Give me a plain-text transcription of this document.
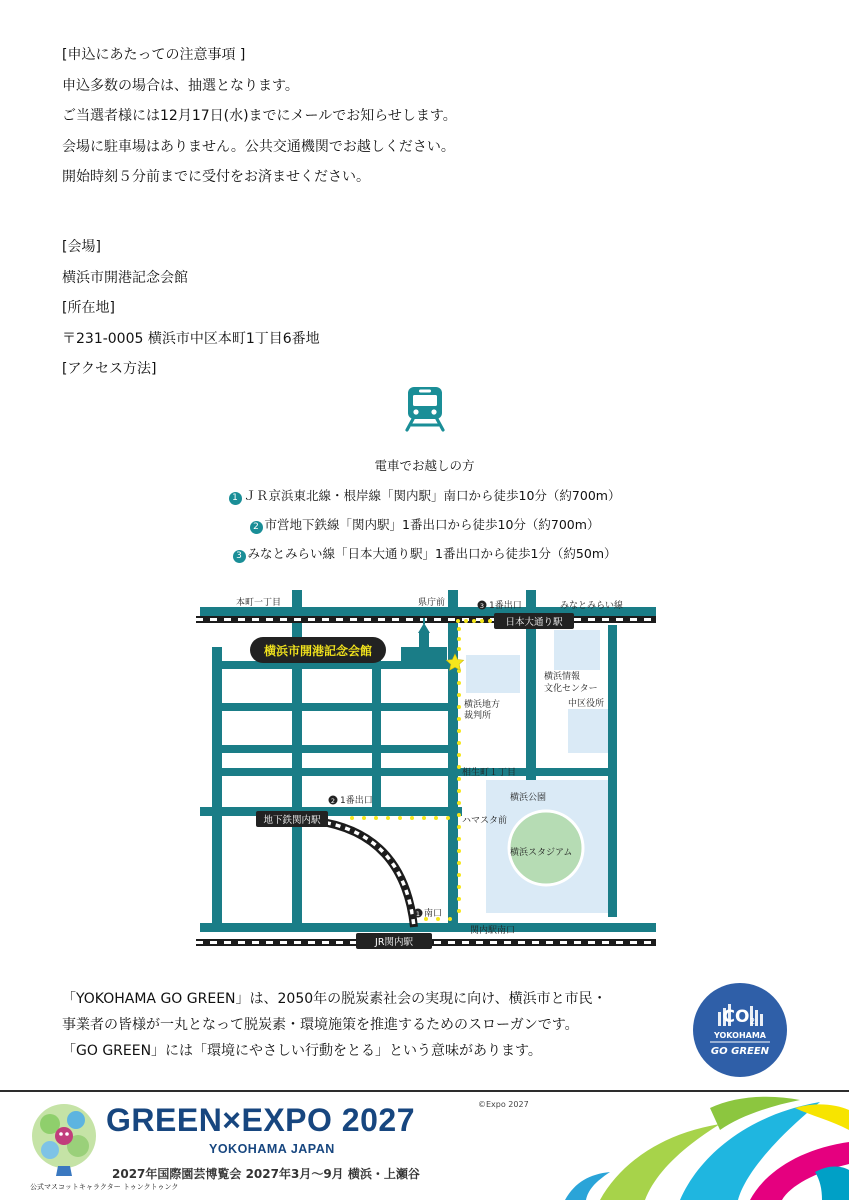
[申込にあたっての注意事項 ]
申込多数の場合は、抽選となります。
ご当選者様には12月17日(水)までにメールでお知らせします。
会場に駐車場はありません。公共交通機関でお越しください。
開始時刻５分前までに受付をお済ませください。
[会場]
横浜市開港記念会館
[所在地]
〒231-0005 横浜市中区本町1丁目6番地
[アクセス方法]
電車でお越しの方
1 ＪＲ京浜東北線・根岸線「関内駅」南口から徒歩10分（約700m）
2 市営地下鉄線「関内駅」1番出口から徒歩10分（約700m）
3 みなとみらい線「日本大通り駅」1番出口から徒歩1分（約50m）
日本大通り駅
横浜市開港記念会館
地下鉄関内駅
JR関内駅
3
2
1
本町一丁目	県庁前	1番出口	みなとみらい線
横浜地方
裁判所
横浜情報
文化センター
中区役所
相生町１丁目
横浜公園
ハマスタ前
横浜スタジアム
1番出口
南口
関内駅南口
「YOKOHAMA GO GREEN」は、2050年の脱炭素社会の実現に向け、横浜市と市民・
事業者の皆様が一丸となって脱炭素・環境施策を推進するためのスローガンです。
「GO GREEN」には「環境にやさしい行動をとる」という意味があります。
CO 2
YOKOHAMA
GO GREEN
公式マスコットキャラクター トゥンクトゥンク
GREEN×EXPO 2027
YOKOHAMA JAPAN
2027年国際園芸博覧会 2027年3月～9月 横浜・上瀬谷
©Expo 2027
